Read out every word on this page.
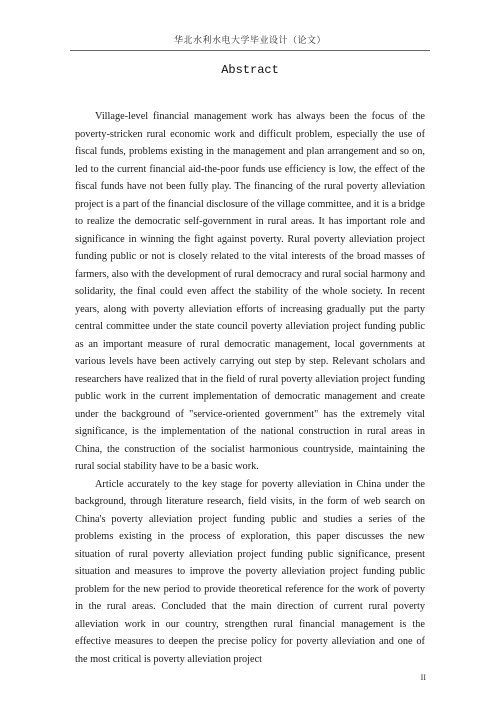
华北水利水电大学毕业设计（论文）
Abstract

Village-level financial management work has always been the focus of the poverty-stricken rural economic work and difficult problem, especially the use of fiscal funds, problems existing in the management and plan arrangement and so on, led to the current financial aid-the-poor funds use efficiency is low, the effect of the fiscal funds have not been fully play. The financing of the rural poverty alleviation project is a part of the financial disclosure of the village committee, and it is a bridge to realize the democratic self-government in rural areas. It has important role and significance in winning the fight against poverty. Rural poverty alleviation project funding public or not is closely related to the vital interests of the broad masses of farmers, also with the development of rural democracy and rural social harmony and solidarity, the final could even affect the stability of the whole society. In recent years, along with poverty alleviation efforts of increasing gradually put the party central committee under the state council poverty alleviation project funding public as an important measure of rural democratic management, local governments at various levels have been actively carrying out step by step. Relevant scholars and researchers have realized that in the field of rural poverty alleviation project funding public work in the current implementation of democratic management and create under the background of "service-oriented government" has the extremely vital significance, is the implementation of the national construction in rural areas in China, the construction of the socialist harmonious countryside, maintaining the rural social stability have to be a basic work.

Article accurately to the key stage for poverty alleviation in China under the background, through literature research, field visits, in the form of web search on China's poverty alleviation project funding public and studies a series of the problems existing in the process of exploration, this paper discusses the new situation of rural poverty alleviation project funding public significance, present situation and measures to improve the poverty alleviation project funding public problem for the new period to provide theoretical reference for the work of poverty in the rural areas. Concluded that the main direction of current rural poverty alleviation work in our country, strengthen rural financial management is the effective measures to deepen the precise policy for poverty alleviation and one of the most critical is poverty alleviation project

II
